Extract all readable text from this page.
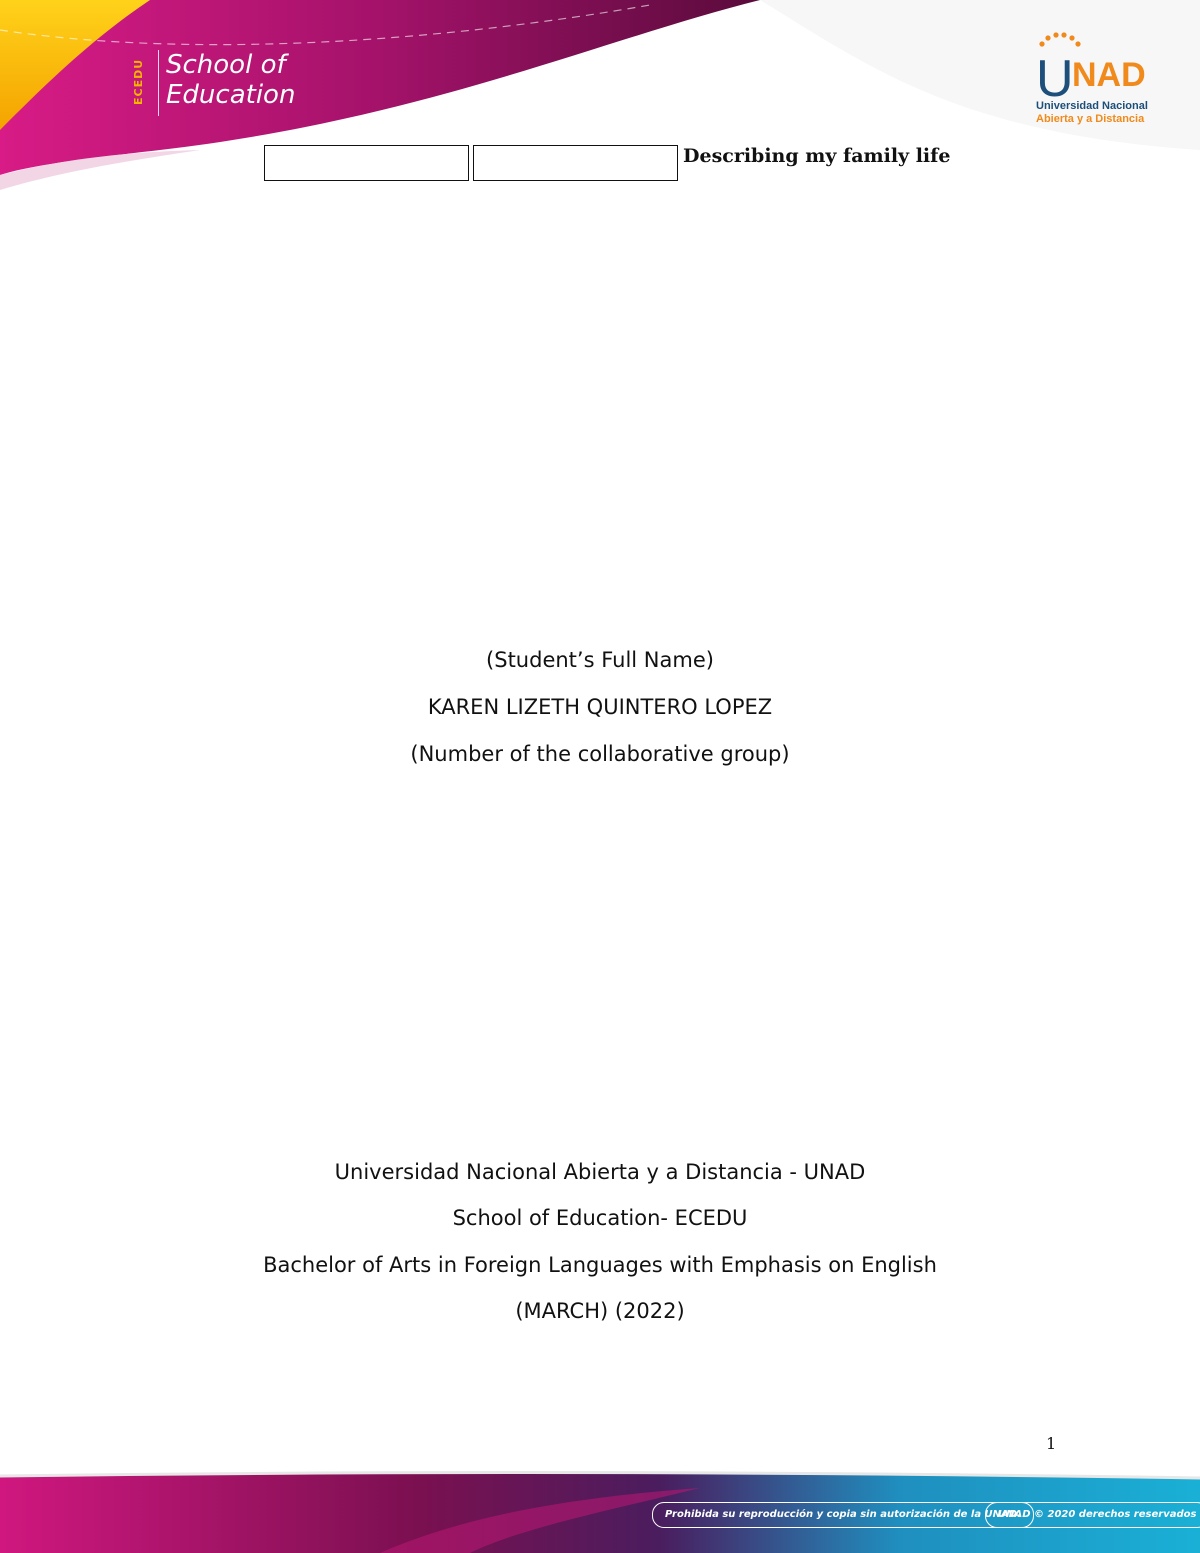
ECEDU School of
Education	U
NAD
Universidad Nacional
Abierta y a Distancia
Describing my family life
(Student’s Full Name)
KAREN LIZETH QUINTERO LOPEZ
(Number of the collaborative group)
Universidad Nacional Abierta y a Distancia - UNAD
School of Education- ECEDU
Bachelor of Arts in Foreign Languages with Emphasis on English
(MARCH) (2022)
1
Prohibida su reproducción y copia sin autorización de la UNAD.
UNAD © 2020 derechos reservados
